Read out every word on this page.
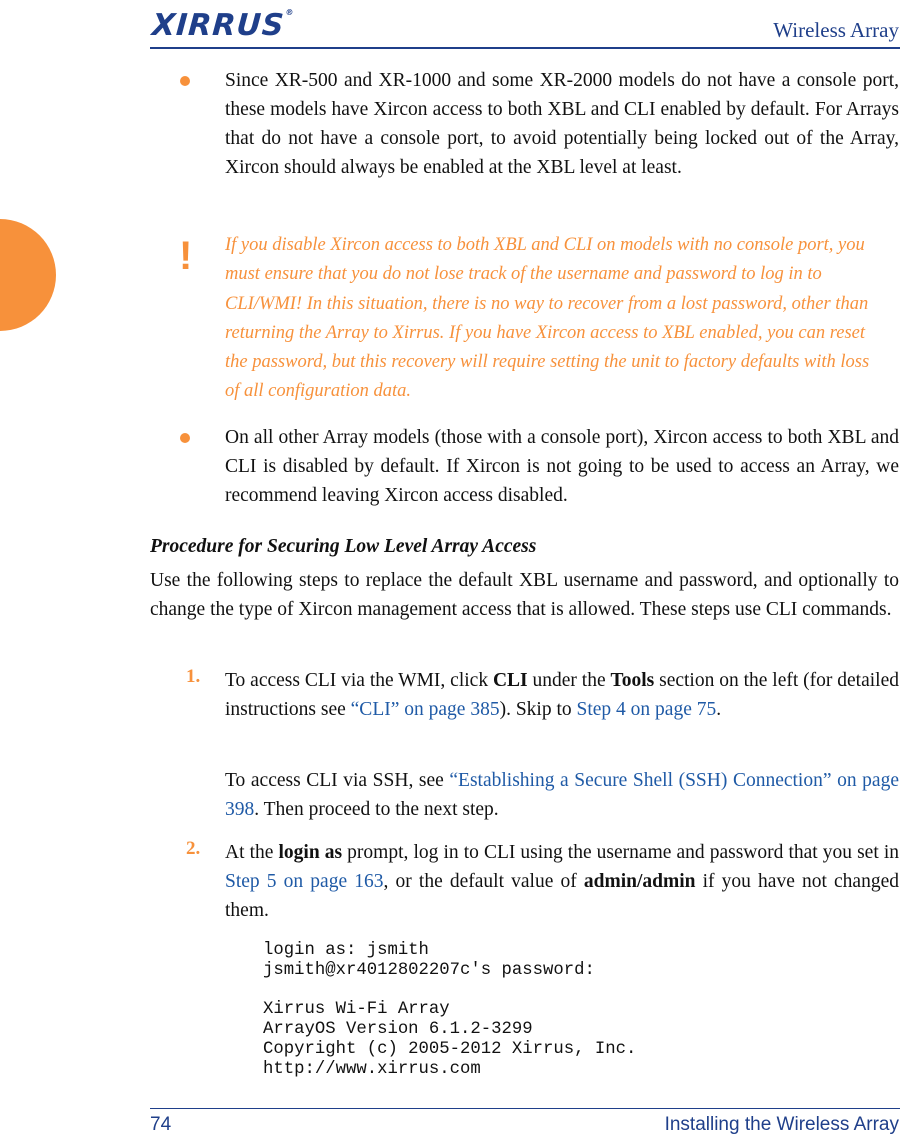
XIRRUS®
Wireless Array
Since XR-500 and XR-1000 and some XR-2000 models do not have a console port, these models have Xircon access to both XBL and CLI enabled by default. For Arrays that do not have a console port, to avoid potentially being locked out of the Array, Xircon should always be enabled at the XBL level at least.
! If you disable Xircon access to both XBL and CLI on models with no console port, you must ensure that you do not lose track of the username and password to log in to CLI/WMI! In this situation, there is no way to recover from a lost password, other than returning the Array to Xirrus. If you have Xircon access to XBL enabled, you can reset the password, but this recovery will require setting the unit to factory defaults with loss of all configuration data.
On all other Array models (those with a console port), Xircon access to both XBL and CLI is disabled by default. If Xircon is not going to be used to access an Array, we recommend leaving Xircon access disabled.
Procedure for Securing Low Level Array Access
Use the following steps to replace the default XBL username and password, and optionally to change the type of Xircon management access that is allowed. These steps use CLI commands.
1. To access CLI via the WMI, click CLI under the Tools section on the left (for detailed instructions see “CLI” on page 385). Skip to Step 4 on page 75.
To access CLI via SSH, see “Establishing a Secure Shell (SSH) Connection” on page 398. Then proceed to the next step.
2. At the login as prompt, log in to CLI using the username and password that you set in Step 5 on page 163, or the default value of admin/admin if you have not changed them.
login as: jsmith
jsmith@xr4012802207c's password:

Xirrus Wi-Fi Array
ArrayOS Version 6.1.2-3299
Copyright (c) 2005-2012 Xirrus, Inc.
http://www.xirrus.com
74	Installing the Wireless Array
